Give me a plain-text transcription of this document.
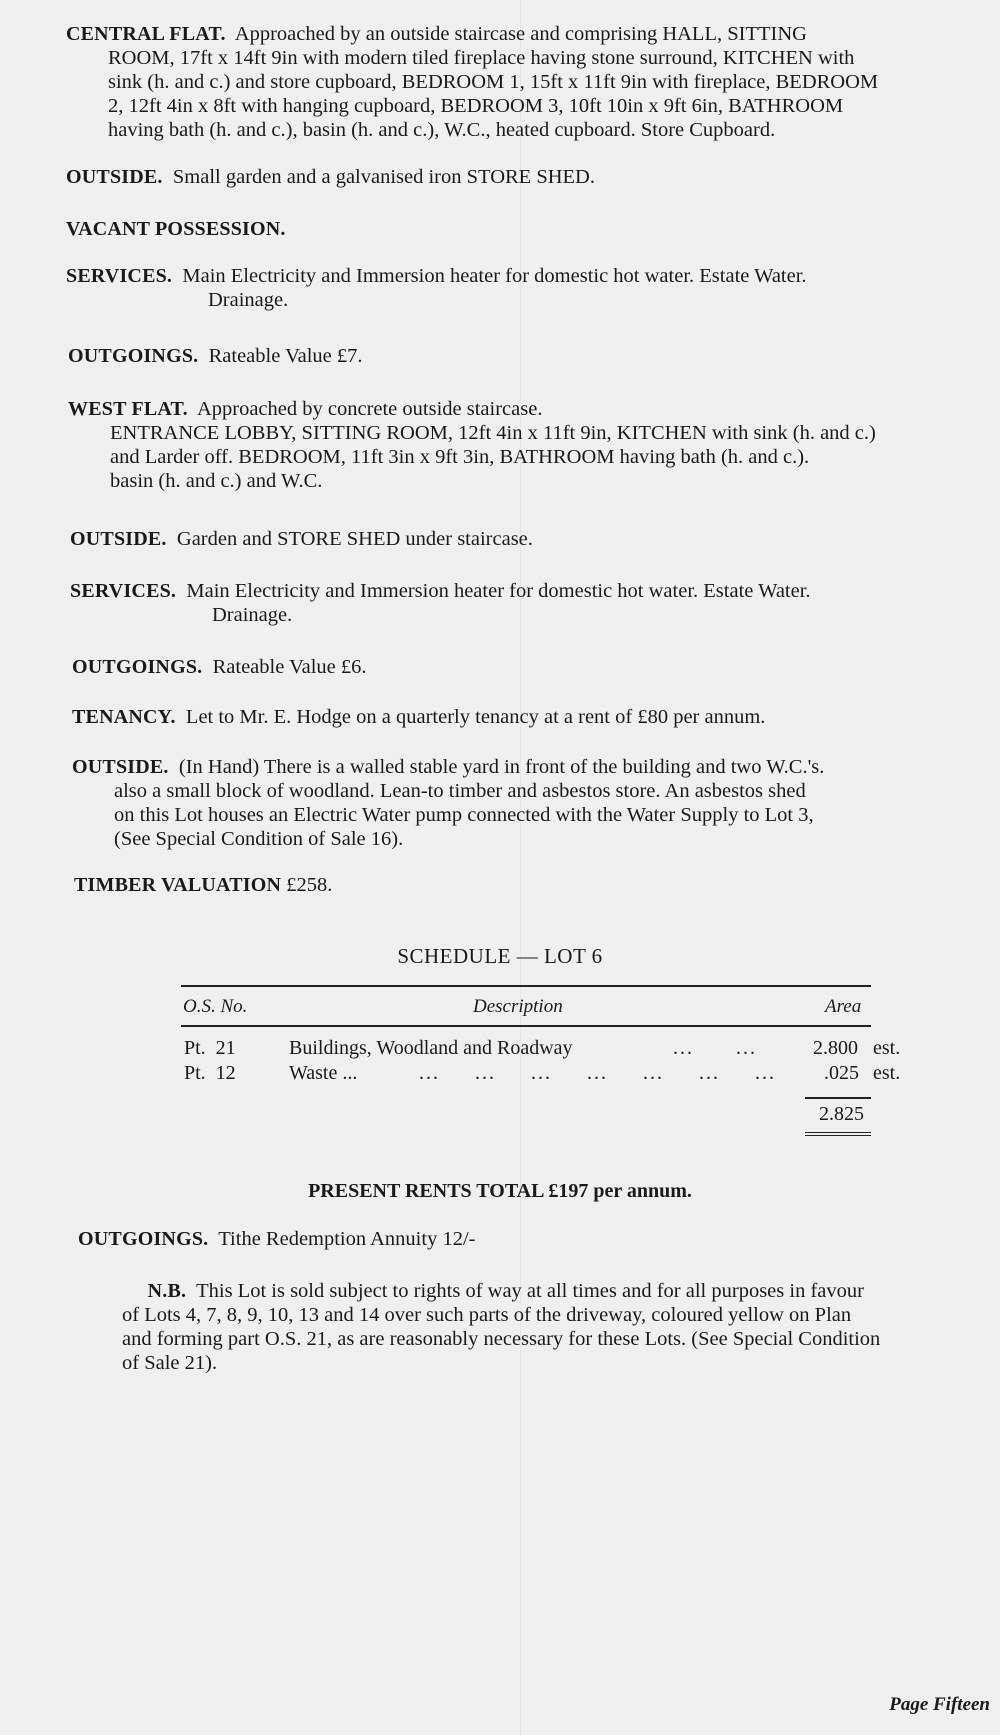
CENTRAL FLAT. Approached by an outside staircase and comprising HALL, SITTING
ROOM, 17ft x 14ft 9in with modern tiled fireplace having stone surround, KITCHEN with
sink (h. and c.) and store cupboard, BEDROOM 1, 15ft x 11ft 9in with fireplace, BEDROOM
2, 12ft 4in x 8ft with hanging cupboard, BEDROOM 3, 10ft 10in x 9ft 6in, BATHROOM
having bath (h. and c.), basin (h. and c.), W.C., heated cupboard. Store Cupboard.
OUTSIDE. Small garden and a galvanised iron STORE SHED.
VACANT POSSESSION.
SERVICES. Main Electricity and Immersion heater for domestic hot water. Estate Water.
Drainage.
OUTGOINGS. Rateable Value £7.
WEST FLAT. Approached by concrete outside staircase.
ENTRANCE LOBBY, SITTING ROOM, 12ft 4in x 11ft 9in, KITCHEN with sink (h. and c.)
and Larder off. BEDROOM, 11ft 3in x 9ft 3in, BATHROOM having bath (h. and c.).
basin (h. and c.) and W.C.
OUTSIDE. Garden and STORE SHED under staircase.
SERVICES. Main Electricity and Immersion heater for domestic hot water. Estate Water.
Drainage.
OUTGOINGS. Rateable Value £6.
TENANCY. Let to Mr. E. Hodge on a quarterly tenancy at a rent of £80 per annum.
OUTSIDE. (In Hand) There is a walled stable yard in front of the building and two W.C.'s.
also a small block of woodland. Lean-to timber and asbestos store. An asbestos shed
on this Lot houses an Electric Water pump connected with the Water Supply to Lot 3,
(See Special Condition of Sale 16).
TIMBER VALUATION £258.
SCHEDULE — LOT 6
O.S. No.	Description	Area
Pt.  21	Buildings, Woodland and Roadway	...      ...	2.800 est.
Pt.  12	Waste ...	...     ...     ...     ...     ...     ...     ... .025 est.
2.825
PRESENT RENTS TOTAL £197 per annum.
OUTGOINGS. Tithe Redemption Annuity 12/-
N.B. This Lot is sold subject to rights of way at all times and for all purposes in favour
of Lots 4, 7, 8, 9, 10, 13 and 14 over such parts of the driveway, coloured yellow on Plan
and forming part O.S. 21, as are reasonably necessary for these Lots. (See Special Condition
of Sale 21).
Page Fifteen
